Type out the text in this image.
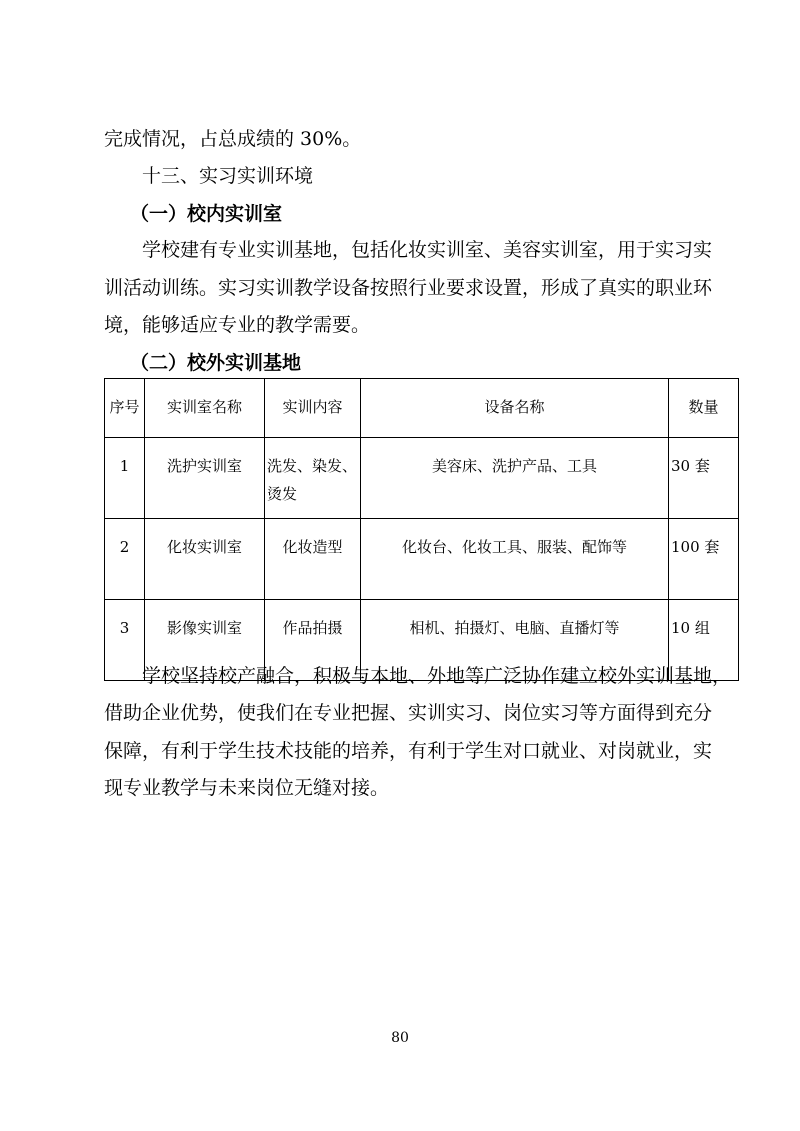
完成情况，占总成绩的 30%。
十三、实习实训环境
（一）校内实训室
学校建有专业实训基地，包括化妆实训室、美容实训室，用于实习实
训活动训练。实习实训教学设备按照行业要求设置，形成了真实的职业环
境，能够适应专业的教学需要。
（二）校外实训基地
序号	实训室名称	实训内容	设备名称	数量
1	洗护实训室	洗发、染发、烫发	美容床、洗护产品、工具	30 套
2	化妆实训室	化妆造型	化妆台、化妆工具、服装、配饰等	100 套
3	影像实训室	作品拍摄	相机、拍摄灯、电脑、直播灯等	10 组
学校坚持校产融合，积极与本地、外地等广泛协作建立校外实训基地，
借助企业优势，使我们在专业把握、实训实习、岗位实习等方面得到充分
保障，有利于学生技术技能的培养，有利于学生对口就业、对岗就业，实
现专业教学与未来岗位无缝对接。
80
